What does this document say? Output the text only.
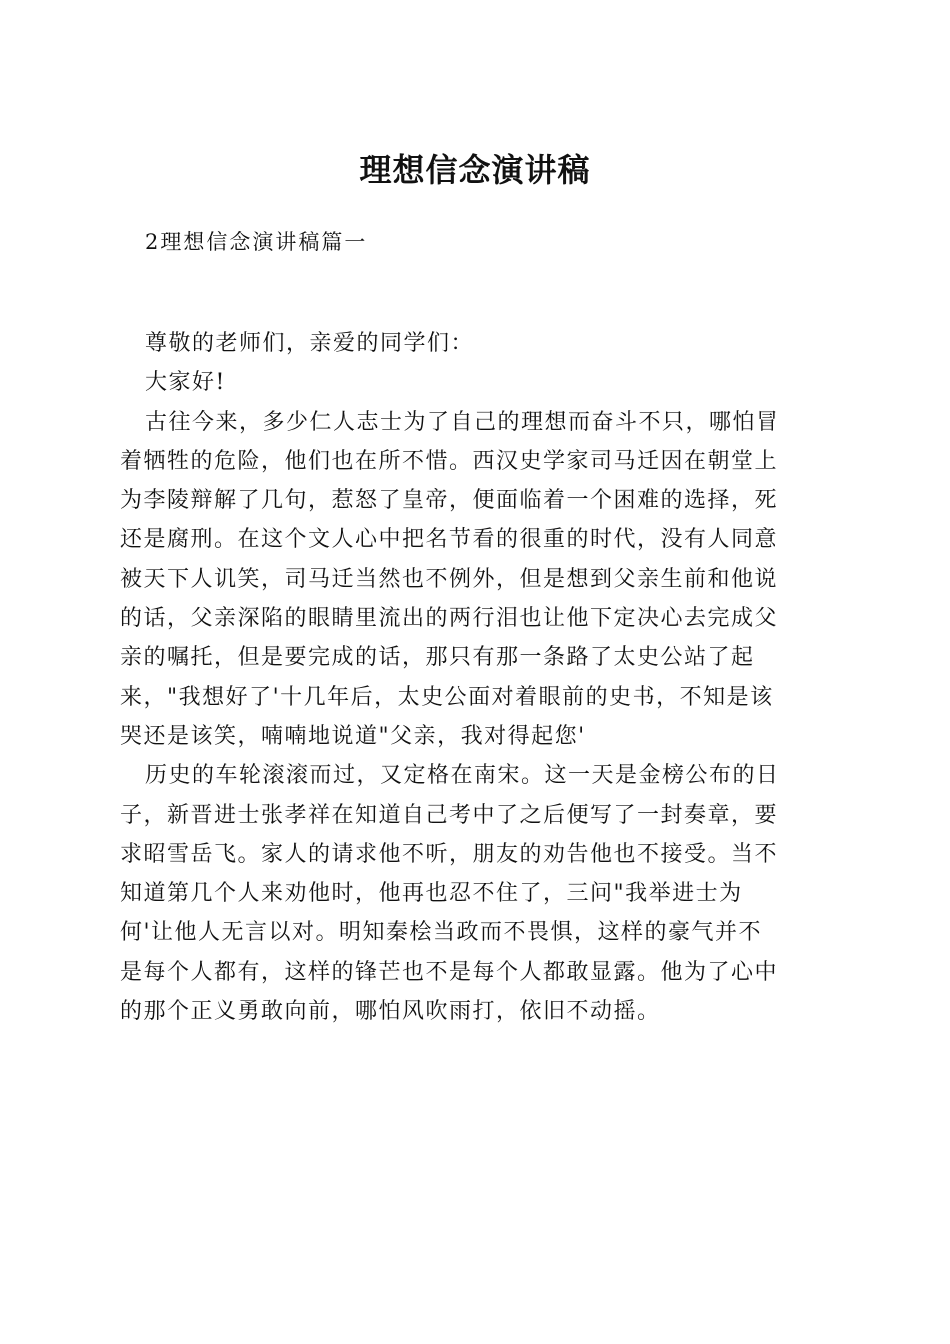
理想信念演讲稿
2理想信念演讲稿篇一
尊敬的老师们，亲爱的同学们：
大家好!
古往今来，多少仁人志士为了自己的理想而奋斗不只，哪怕冒
着牺牲的危险，他们也在所不惜。西汉史学家司马迁因在朝堂上
为李陵辩解了几句，惹怒了皇帝，便面临着一个困难的选择，死
还是腐刑。在这个文人心中把名节看的很重的时代，没有人同意
被天下人讥笑，司马迁当然也不例外，但是想到父亲生前和他说
的话，父亲深陷的眼睛里流出的两行泪也让他下定决心去完成父
亲的嘱托，但是要完成的话，那只有那一条路了太史公站了起
来，"我想好了'十几年后，太史公面对着眼前的史书，不知是该
哭还是该笑，喃喃地说道"父亲，我对得起您'
历史的车轮滚滚而过，又定格在南宋。这一天是金榜公布的日
子，新晋进士张孝祥在知道自己考中了之后便写了一封奏章，要
求昭雪岳飞。家人的请求他不听，朋友的劝告他也不接受。当不
知道第几个人来劝他时，他再也忍不住了，三问"我举进士为
何'让他人无言以对。明知秦桧当政而不畏惧，这样的豪气并不
是每个人都有，这样的锋芒也不是每个人都敢显露。他为了心中
的那个正义勇敢向前，哪怕风吹雨打，依旧不动摇。
